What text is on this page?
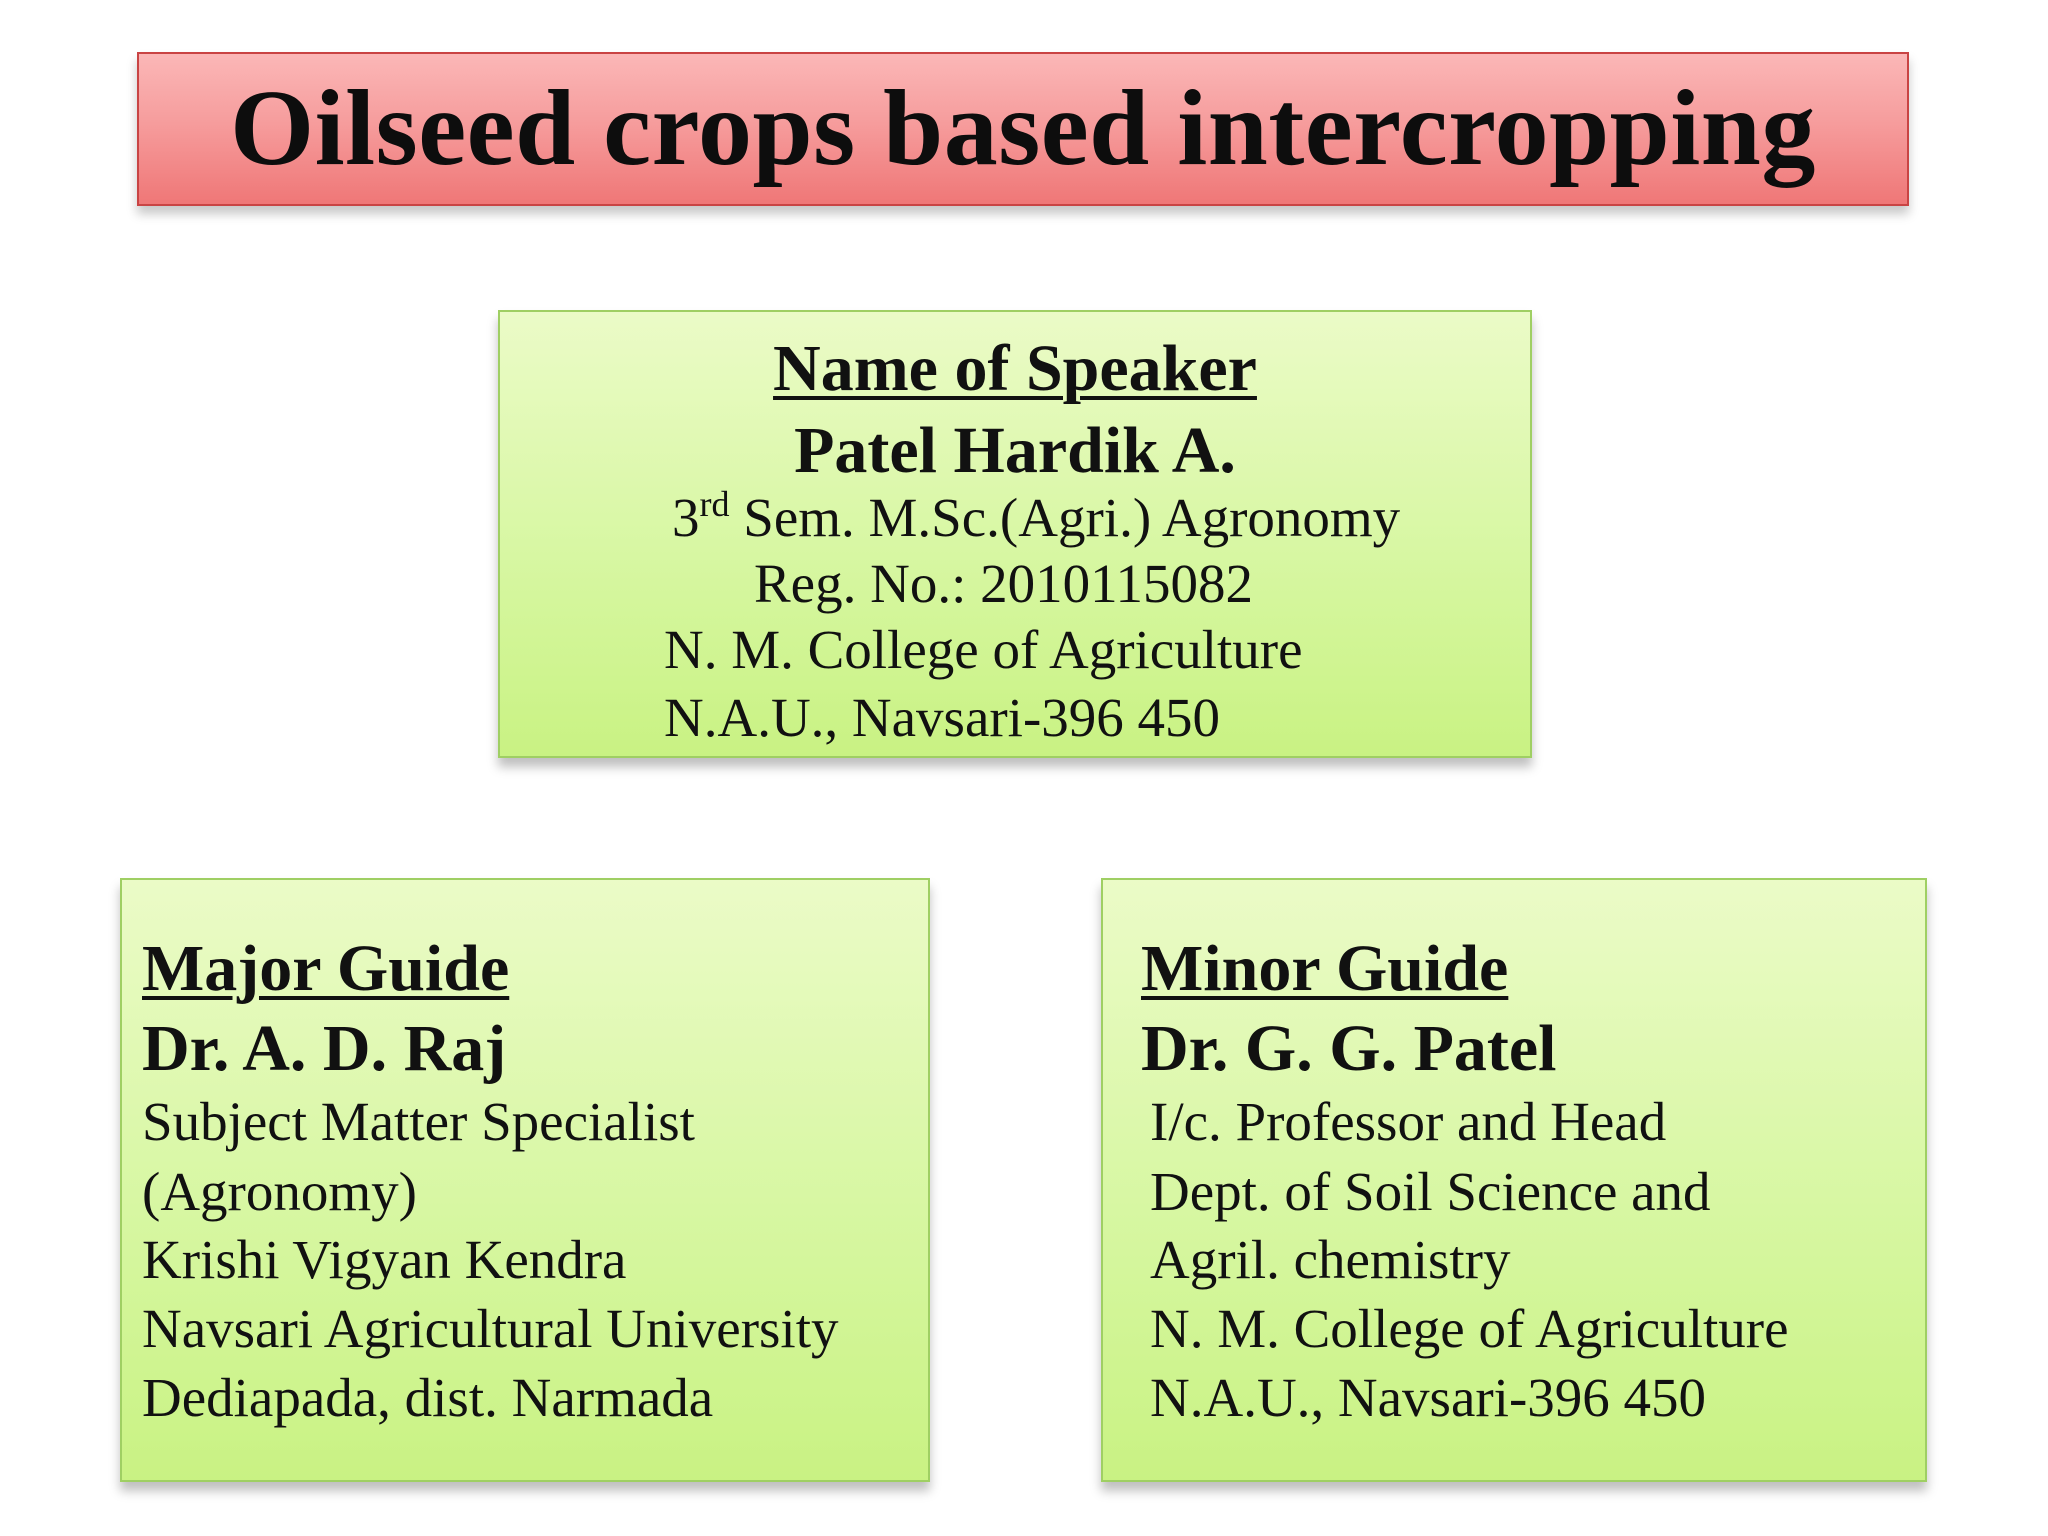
Oilseed crops based intercropping
Name of Speaker
Patel Hardik A.
3rd Sem. M.Sc.(Agri.) Agronomy
Reg. No.: 2010115082
N. M. College of Agriculture
N.A.U., Navsari-396 450
Major Guide
Dr. A. D. Raj
Subject Matter Specialist
(Agronomy)
Krishi Vigyan Kendra
Navsari Agricultural University
Dediapada, dist. Narmada
Minor Guide
Dr. G. G. Patel
I/c. Professor and Head
Dept. of Soil Science and
Agril. chemistry
N. M. College of Agriculture
N.A.U., Navsari-396 450
